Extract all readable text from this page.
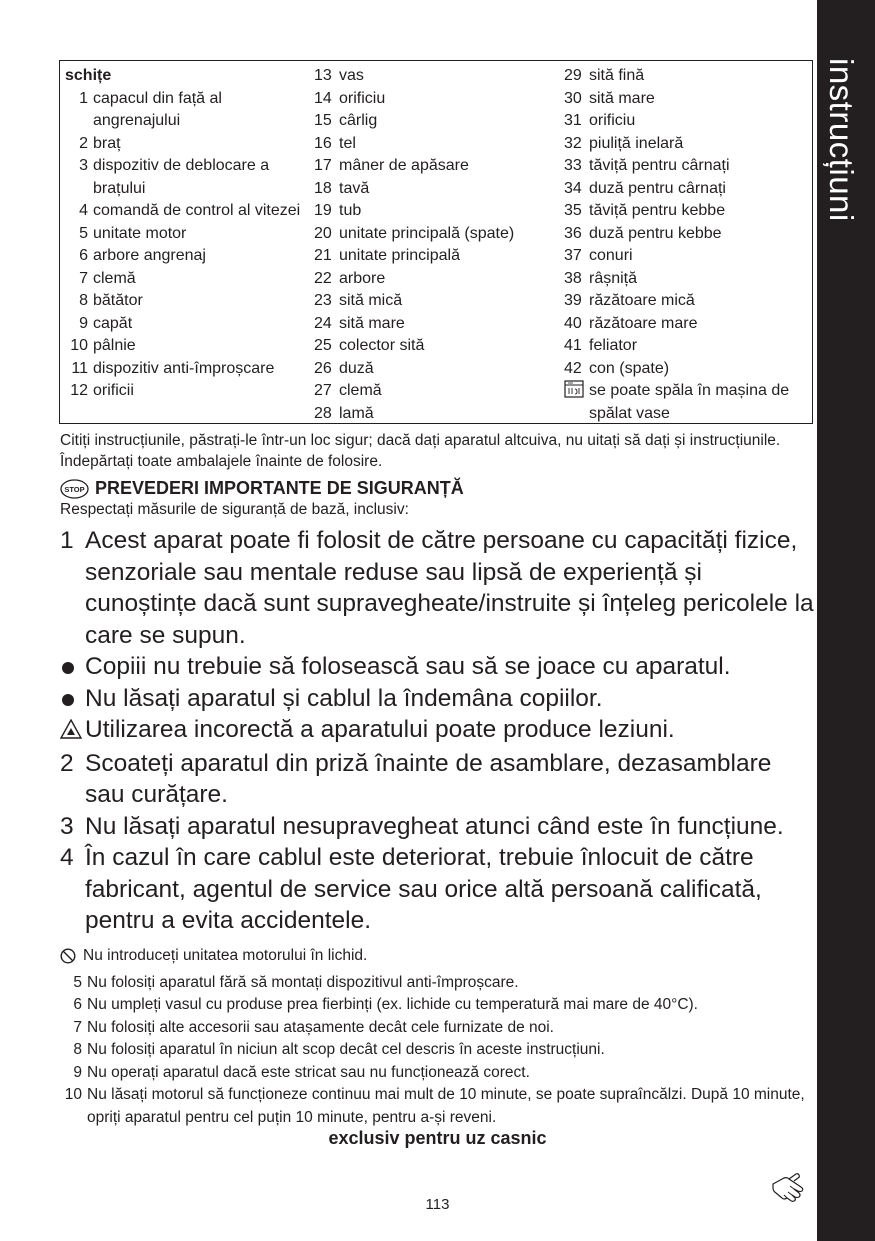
instrucțiuni
schițe
1 capacul din față al angrenajului
2 braț
3 dispozitiv de deblocare a brațului
4 comandă de control al vitezei
5 unitate motor
6 arbore angrenaj
7 clemă
8 bătător
9 capăt
10 pâlnie
11 dispozitiv anti-împroșcare
12 orificii
13 vas
14 orificiu
15 cârlig
16 tel
17 mâner de apăsare
18 tavă
19 tub
20 unitate principală (spate)
21 unitate principală
22 arbore
23 sită mică
24 sită mare
25 colector sită
26 duză
27 clemă
28 lamă
29 sită fină
30 sită mare
31 orificiu
32 piuliță inelară
33 tăviță pentru cârnați
34 duză pentru cârnați
35 tăviță pentru kebbe
36 duză pentru kebbe
37 conuri
38 râșniță
39 răzătoare mică
40 răzătoare mare
41 feliator
42 con (spate)
se poate spăla în mașina de spălat vase
Citiți instrucțiunile, păstrați-le într-un loc sigur; dacă dați aparatul altcuiva, nu uitați să dați și instrucțiunile. Îndepărtați toate ambalajele înainte de folosire.
STOP PREVEDERI IMPORTANTE DE SIGURANȚĂ
Respectați măsurile de siguranță de bază, inclusiv:
1 Acest aparat poate fi folosit de către persoane cu capacități fizice, senzoriale sau mentale reduse sau lipsă de experiență și cunoștințe dacă sunt supravegheate/instruite și înțeleg pericolele la care se supun.
Copiii nu trebuie să folosească sau să se joace cu aparatul.
Nu lăsați aparatul și cablul la îndemâna copiilor.
Utilizarea incorectă a aparatului poate produce leziuni.
2 Scoateți aparatul din priză înainte de asamblare, dezasamblare sau curățare.
3 Nu lăsați aparatul nesupravegheat atunci când este în funcțiune.
4 În cazul în care cablul este deteriorat, trebuie înlocuit de către fabricant, agentul de service sau orice altă persoană calificată, pentru a evita accidentele.
Nu introduceți unitatea motorului în lichid.
5 Nu folosiți aparatul fără să montați dispozitivul anti-împroșcare.
6 Nu umpleți vasul cu produse prea fierbinți (ex. lichide cu temperatură mai mare de 40°C).
7 Nu folosiți alte accesorii sau atașamente decât cele furnizate de noi.
8 Nu folosiți aparatul în niciun alt scop decât cel descris în aceste instrucțiuni.
9 Nu operați aparatul dacă este stricat sau nu funcționează corect.
10 Nu lăsați motorul să funcționeze continuu mai mult de 10 minute, se poate supraîncălzi. După 10 minute, opriți aparatul pentru cel puțin 10 minute, pentru a-și reveni.
exclusiv pentru uz casnic
113
